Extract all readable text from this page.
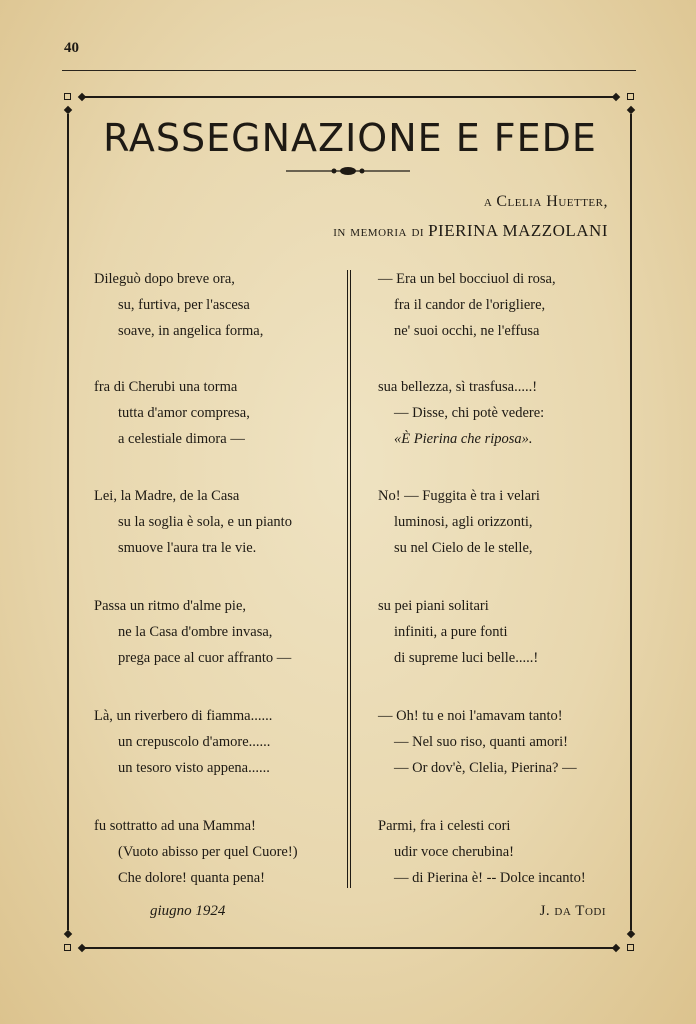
40
RASSEGNAZIONE E FEDE
a Clelia Huetter,
in memoria di PIERINA MAZZOLANI
Dileguò dopo breve ora,
su, furtiva, per l'ascesa
soave, in angelica forma,
fra di Cherubi una torma
tutta d'amor compresa,
a celestiale dimora —
Lei, la Madre, de la Casa
su la soglia è sola, e un pianto
smuove l'aura tra le vie.
Passa un ritmo d'alme pie,
ne la Casa d'ombre invasa,
prega pace al cuor affranto —
Là, un riverbero di fiamma......
un crepuscolo d'amore......
un tesoro visto appena......
fu sottratto ad una Mamma!
(Vuoto abisso per quel Cuore!)
Che dolore! quanta pena!
— Era un bel bocciuol di rosa,
fra il candor de l'origliere,
ne' suoi occhi, ne l'effusa
sua bellezza, sì trasfusa.....!
— Disse, chi potè vedere:
«È Pierina che riposa».
No! — Fuggita è tra i velari
luminosi, agli orizzonti,
su nel Cielo de le stelle,
su pei piani solitari
infiniti, a pure fonti
di supreme luci belle.....!
— Oh! tu e noi l'amavam tanto!
— Nel suo riso, quanti amori!
— Or dov'è, Clelia, Pierina? —
Parmi, fra i celesti cori
udir voce cherubina!
— di Pierina è! -- Dolce incanto!
giugno 1924	J. da Todi
